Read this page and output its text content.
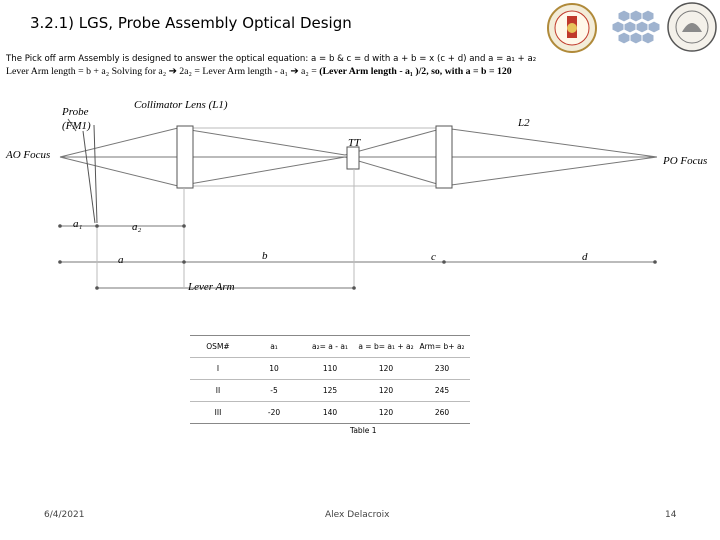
3.2.1) LGS, Probe Assembly Optical Design
The Pick off arm Assembly is designed to answer the optical equation: a = b & c = d with a + b = x (c + d) and a = a₁ + a₂
Lever Arm length = b + a₂ Solving for a₂ ➔ 2a₂ = Lever Arm length - a₁ ➔ a₂ = (Lever Arm length - a₁ )/2, so, with a = b = 120
Collimator Lens (L1)
Probe
(FM1)	L2
TT
AO Focus	PO Focus
a₁	a₂
a	b	c	d
Lever Arm
OSM#	a₁	a₂= a - a₁	a = b= a₁ + a₂	Arm= b+ a₂
I	10	110	120	230
II	-5	125	120	245
III	-20	140	120	260
Table 1
6/4/2021	Alex Delacroix	14
